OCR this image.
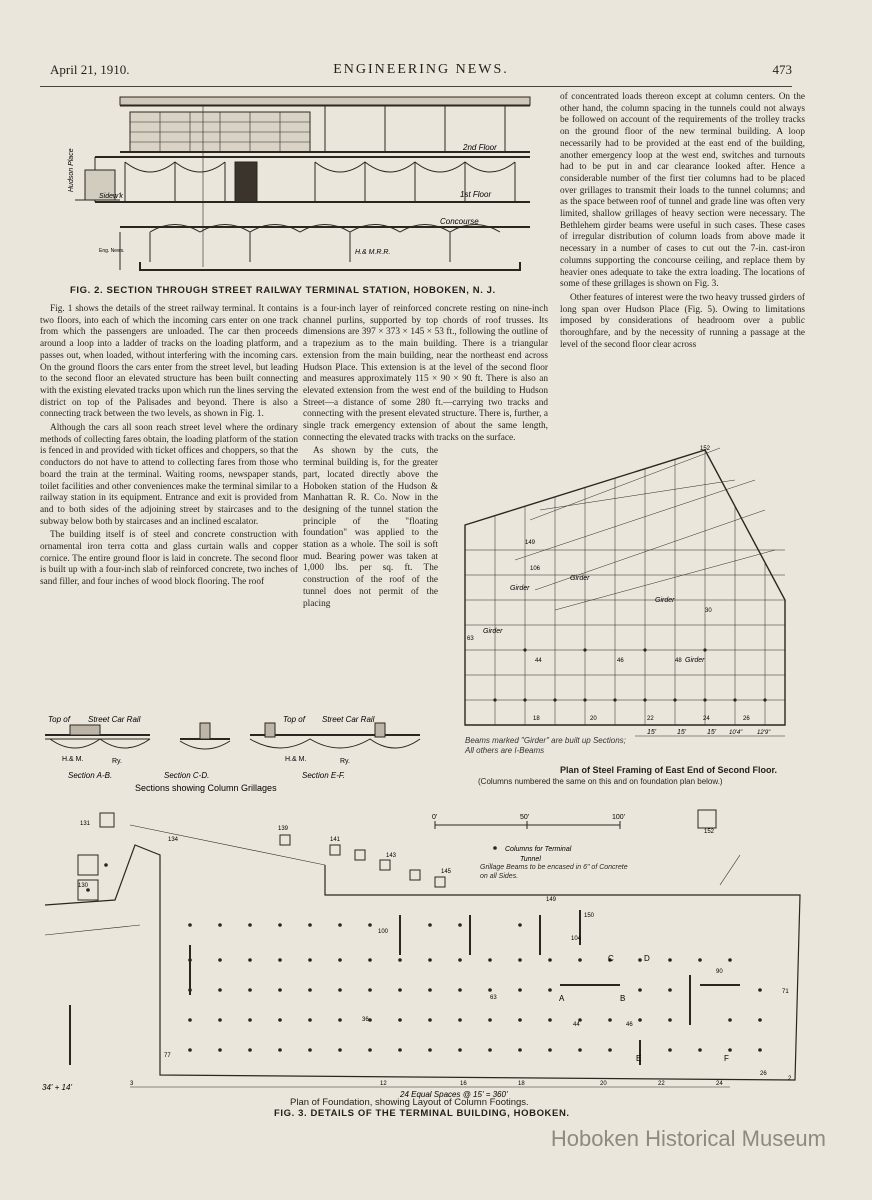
April 21, 1910.	ENGINEERING NEWS.	473
Hudson Place
Sidew'k
2nd Floor
1st Floor
Concourse
H.& M.R.R.
Eng. News.
FIG. 2. SECTION THROUGH STREET RAILWAY TERMINAL STATION, HOBOKEN, N. J.

Fig. 1 shows the details of the street railway terminal. It contains two floors, into each of which the incoming cars enter on one track from which the passengers are unloaded. The car then proceeds around a loop into a ladder of tracks on the loading platform, and passes out, when loaded, without interfering with the incoming cars. On the ground floors the cars enter from the street level, but leading to the second floor an elevated structure has been built connecting with the existing elevated tracks upon which run the lines serving the district on top of the Palisades and beyond. There is also a connecting track between the two levels, as shown in Fig. 1.

Although the cars all soon reach street level where the ordinary methods of collecting fares obtain, the loading platform of the station is fenced in and provided with ticket offices and choppers, so that the conductors do not have to attend to collecting fares from those who board the train at the terminal. Waiting rooms, newspaper stands, toilet facilities and other conveniences make the terminal similar to a railway station in its equipment. Entrance and exit is provided from and to both sides of the adjoining street by staircases and to the subway below both by staircases and an inclined escalator.

The building itself is of steel and concrete construction with ornamental iron terra cotta and glass curtain walls and copper cornice. The entire ground floor is laid in concrete. The second floor is built up with a four-inch slab of reinforced concrete, two inches of sand filler, and four inches of wood block flooring. The roof

is a four-inch layer of reinforced concrete resting on nine-inch channel purlins, supported by top chords of roof trusses. Its dimensions are 397 × 373 × 145 × 53 ft., following the outline of a trapezium as to the main building. There is a triangular extension from the main building, near the northeast end across Hudson Place. This extension is at the level of the second floor and measures approximately 115 × 90 × 90 ft. There is also an elevated extension from the west end of the building to Hudson Street—a distance of some 280 ft.—carrying two tracks and connecting with the present elevated structure. There is, further, a single track emergency extension of about the same length, connecting the elevated tracks with tracks on the surface.

As shown by the cuts, the terminal building is, for the greater part, located directly above the Hoboken station of the Hudson & Manhattan R. R. Co. Now in the designing of the tunnel station the principle of the "floating foundation" was applied to the station as a whole. The soil is soft mud. Bearing power was taken at 1,000 lbs. per sq. ft. The construction of the roof of the tunnel does not permit of the placing

of concentrated loads thereon except at column centers. On the other hand, the column spacing in the tunnels could not always be followed on account of the requirements of the trolley tracks on the ground floor of the new terminal building. A loop necessarily had to be provided at the east end of the building, another emergency loop at the west end, switches and turnouts had to be put in and car clearance looked after. Hence a considerable number of the first tier columns had to be placed over grillages to transmit their loads to the tunnel columns; and as the space between roof of tunnel and grade line was often very limited, shallow grillages of heavy section were necessary. The Bethlehem girder beams were useful in such cases. These cases of irregular distribution of column loads from above made it necessary in a number of cases to cut out the 7-in. cast-iron columns supporting the concourse ceiling, and replace them by heavier ones adequate to take the extra loading. The locations of some of these grillages is shown on Fig. 3.

Other features of interest were the two heavy trussed girders of long span over Hudson Place (Fig. 5). Owing to limitations imposed by considerations of headroom over a public thoroughfare, and by the necessity of running a passage at the level of the second floor clear across

Girder
Girder
Girder
Girder
Girder
149
106
152
63
44	46	48
18	20	22	24	26
30
15'	15'	15' 10'4" 12'9"
Beams marked "Girder" are built up Sections;
All others are I-Beams
Plan of Steel Framing of East End of Second Floor.
(Columns numbered the same on this and on foundation plan below.)
Top of Street Car Rail	Top of Street Car Rail
H.& M.	Ry.	H.& M.	Ry.
Section A-B.	Section C-D.	Section E-F.
Sections showing Column Grillages
0'	50'	100'
Columns for Terminal
Tunnel
Grillage Beams to be encased in 6" of Concrete on all Sides.
24 Equal Spaces @ 15' = 360'
34' + 14'
131
130
134
139
141
143
145
149
150
152
104
100
63
44	46
36
12	16	18	20	22	24
26
3
77
71
90
2
A	B
C	D
E	F
Plan of Foundation, showing Layout of Column Footings.
FIG. 3. DETAILS OF THE TERMINAL BUILDING, HOBOKEN.
Hoboken Historical Museum
